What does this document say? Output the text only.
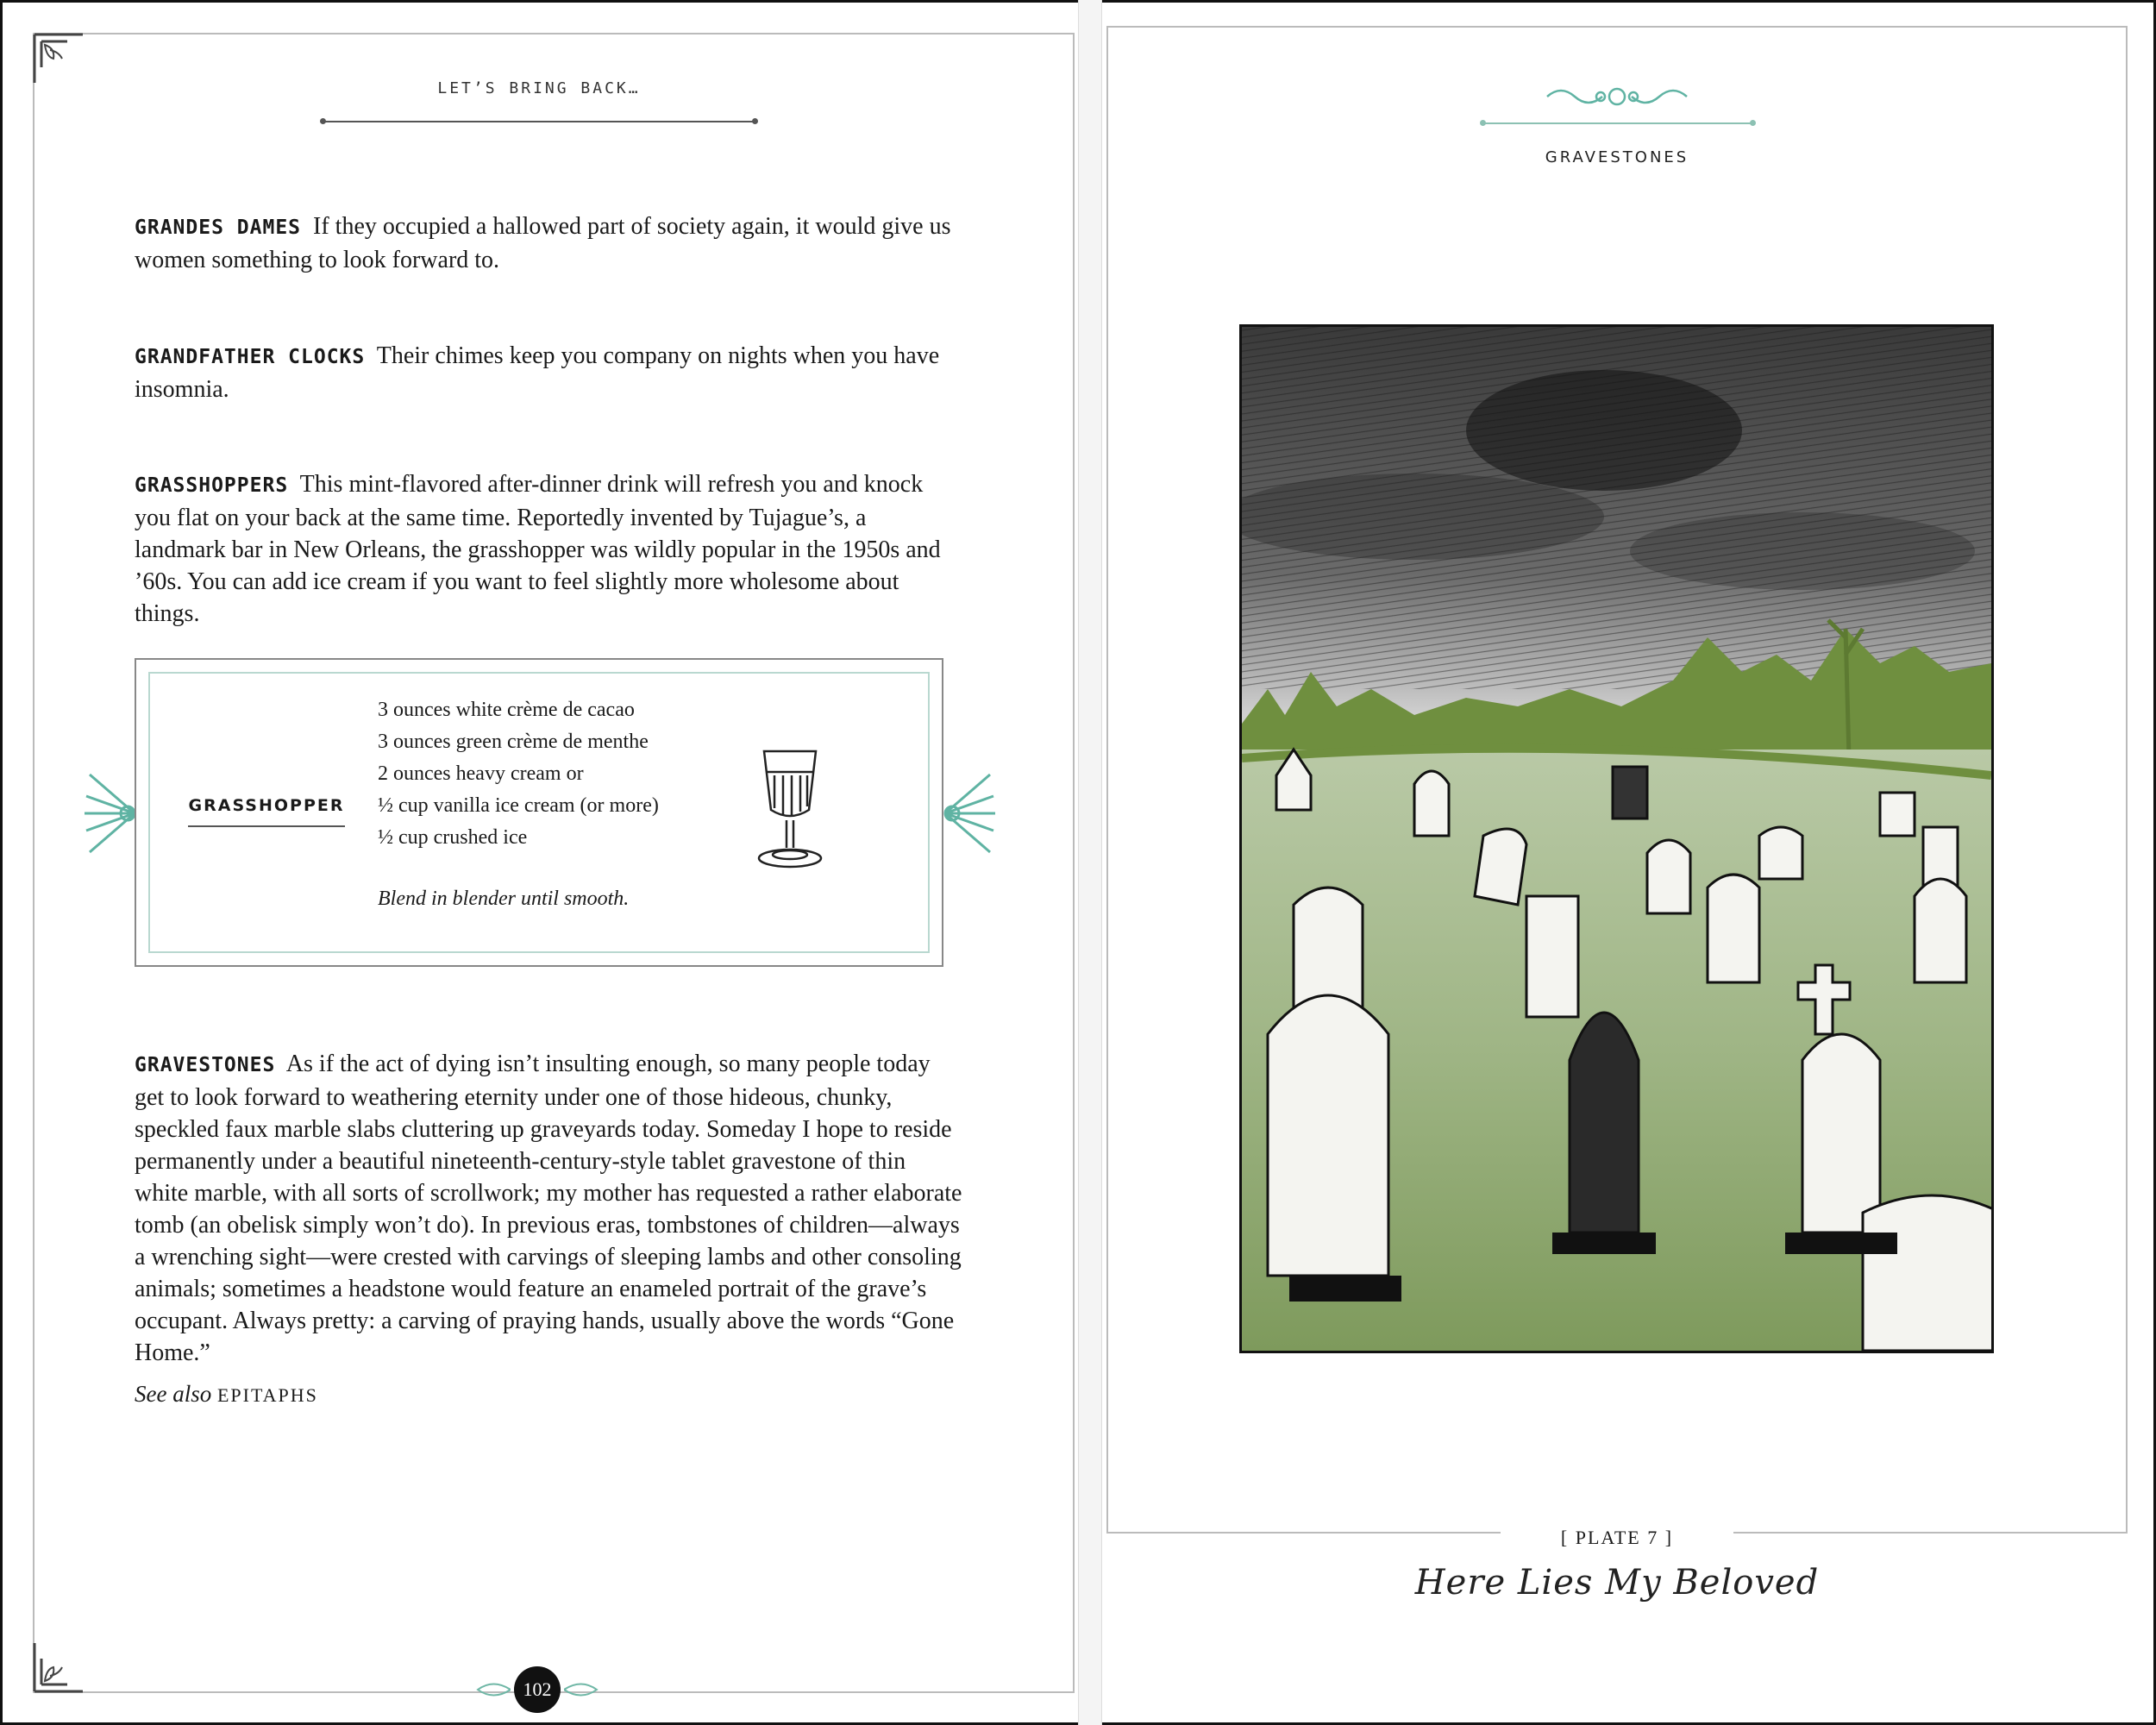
LET’S BRING BACK…
GRANDES DAMES If they occupied a hallowed part of society again, it would give us women something to look forward to.
GRANDFATHER CLOCKS Their chimes keep you company on nights when you have insomnia.
GRASSHOPPERS This mint-flavored after-dinner drink will refresh you and knock you flat on your back at the same time. Reportedly invented by Tujague’s, a landmark bar in New Orleans, the grasshopper was wildly popular in the 1950s and ’60s. You can add ice cream if you want to feel slightly more wholesome about things.
GRASSHOPPER
3 ounces white crème de cacao
3 ounces green crème de menthe
2 ounces heavy cream or
½ cup vanilla ice cream (or more)
½ cup crushed ice
Blend in blender until smooth.
GRAVESTONES As if the act of dying isn’t insulting enough, so many people today get to look forward to weathering eternity under one of those hideous, chunky, speckled faux marble slabs cluttering up graveyards today. Someday I hope to reside permanently under a beautiful nineteenth-century-style tablet gravestone of thin white marble, with all sorts of scrollwork; my mother has requested a rather elaborate tomb (an obelisk simply won’t do). In previous eras, tombstones of children—always a wrenching sight—were crested with carvings of sleeping lambs and other consoling animals; sometimes a headstone would feature an enameled portrait of the grave’s occupant. Always pretty: a carving of praying hands, usually above the words “Gone Home.”
See also EPITAPHS
102
GRAVESTONES
[ PLATE 7 ]
Here Lies My Beloved
